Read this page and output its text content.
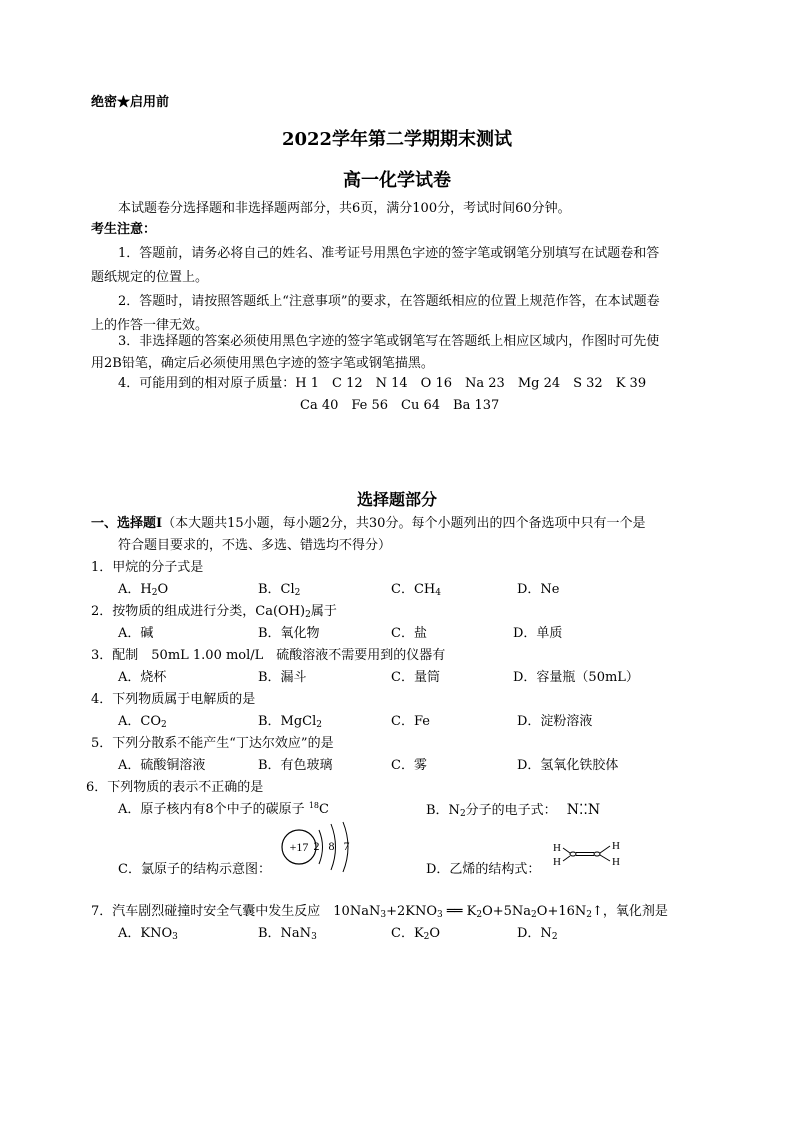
绝密★启用前
2022学年第二学期期末测试
高一化学试卷
本试题卷分选择题和非选择题两部分，共6页，满分100分，考试时间60分钟。
考生注意：
1．答题前，请务必将自己的姓名、准考证号用黑色字迹的签字笔或钢笔分别填写在试题卷和答
题纸规定的位置上。
2．答题时，请按照答题纸上“注意事项”的要求，在答题纸相应的位置上规范作答，在本试题卷
上的作答一律无效。
3．非选择题的答案必须使用黑色字迹的签字笔或钢笔写在答题纸上相应区域内，作图时可先使
用2B铅笔，确定后必须使用黑色字迹的签字笔或钢笔描黑。
4．可能用到的相对原子质量：H 1　C 12　N 14　O 16　Na 23　Mg 24　S 32　K 39
Ca 40　Fe 56　Cu 64　Ba 137
选择题部分
一、选择题Ⅰ（本大题共15小题，每小题2分，共30分。每个小题列出的四个备选项中只有一个是
符合题目要求的，不选、多选、错选均不得分）
1．甲烷的分子式是
A．$H_2O$	B．$Cl_2$	C．$CH_4$	D．Ne
2．按物质的组成进行分类，$Ca(OH)_2$属于
A．碱	B．氧化物	C．盐	D．单质
3．配制　50mL 1.00 mol/L　硫酸溶液不需要用到的仪器有
A．烧杯	B．漏斗	C．量筒	D．容量瓶（50mL）
4．下列物质属于电解质的是
A．$CO_2$	B．MgCl$_2$	C．Fe	D．淀粉溶液
5．下列分散系不能产生“丁达尔效应”的是
A．硫酸铜溶液	B．有色玻璃	C．雾	D．氢氧化铁胶体
6．下列物质的表示不正确的是
A．原子核内有8个中子的碳原子 $^{18}$C	B．$N_2$分子的电子式： N⁚⁚N
C．氯原子的结构示意图：
+17 2 8 7
D．乙烯的结构式：
H
H
H
H
7．汽车剧烈碰撞时安全气囊中发生反应　$10NaN_3+2KNO_3$ ══ $K_2O+5Na_2O+16N_2↑$，氧化剂是
A．$KNO_3$	B．NaN$_3$	C．$K_2O$	D．$N_2$
